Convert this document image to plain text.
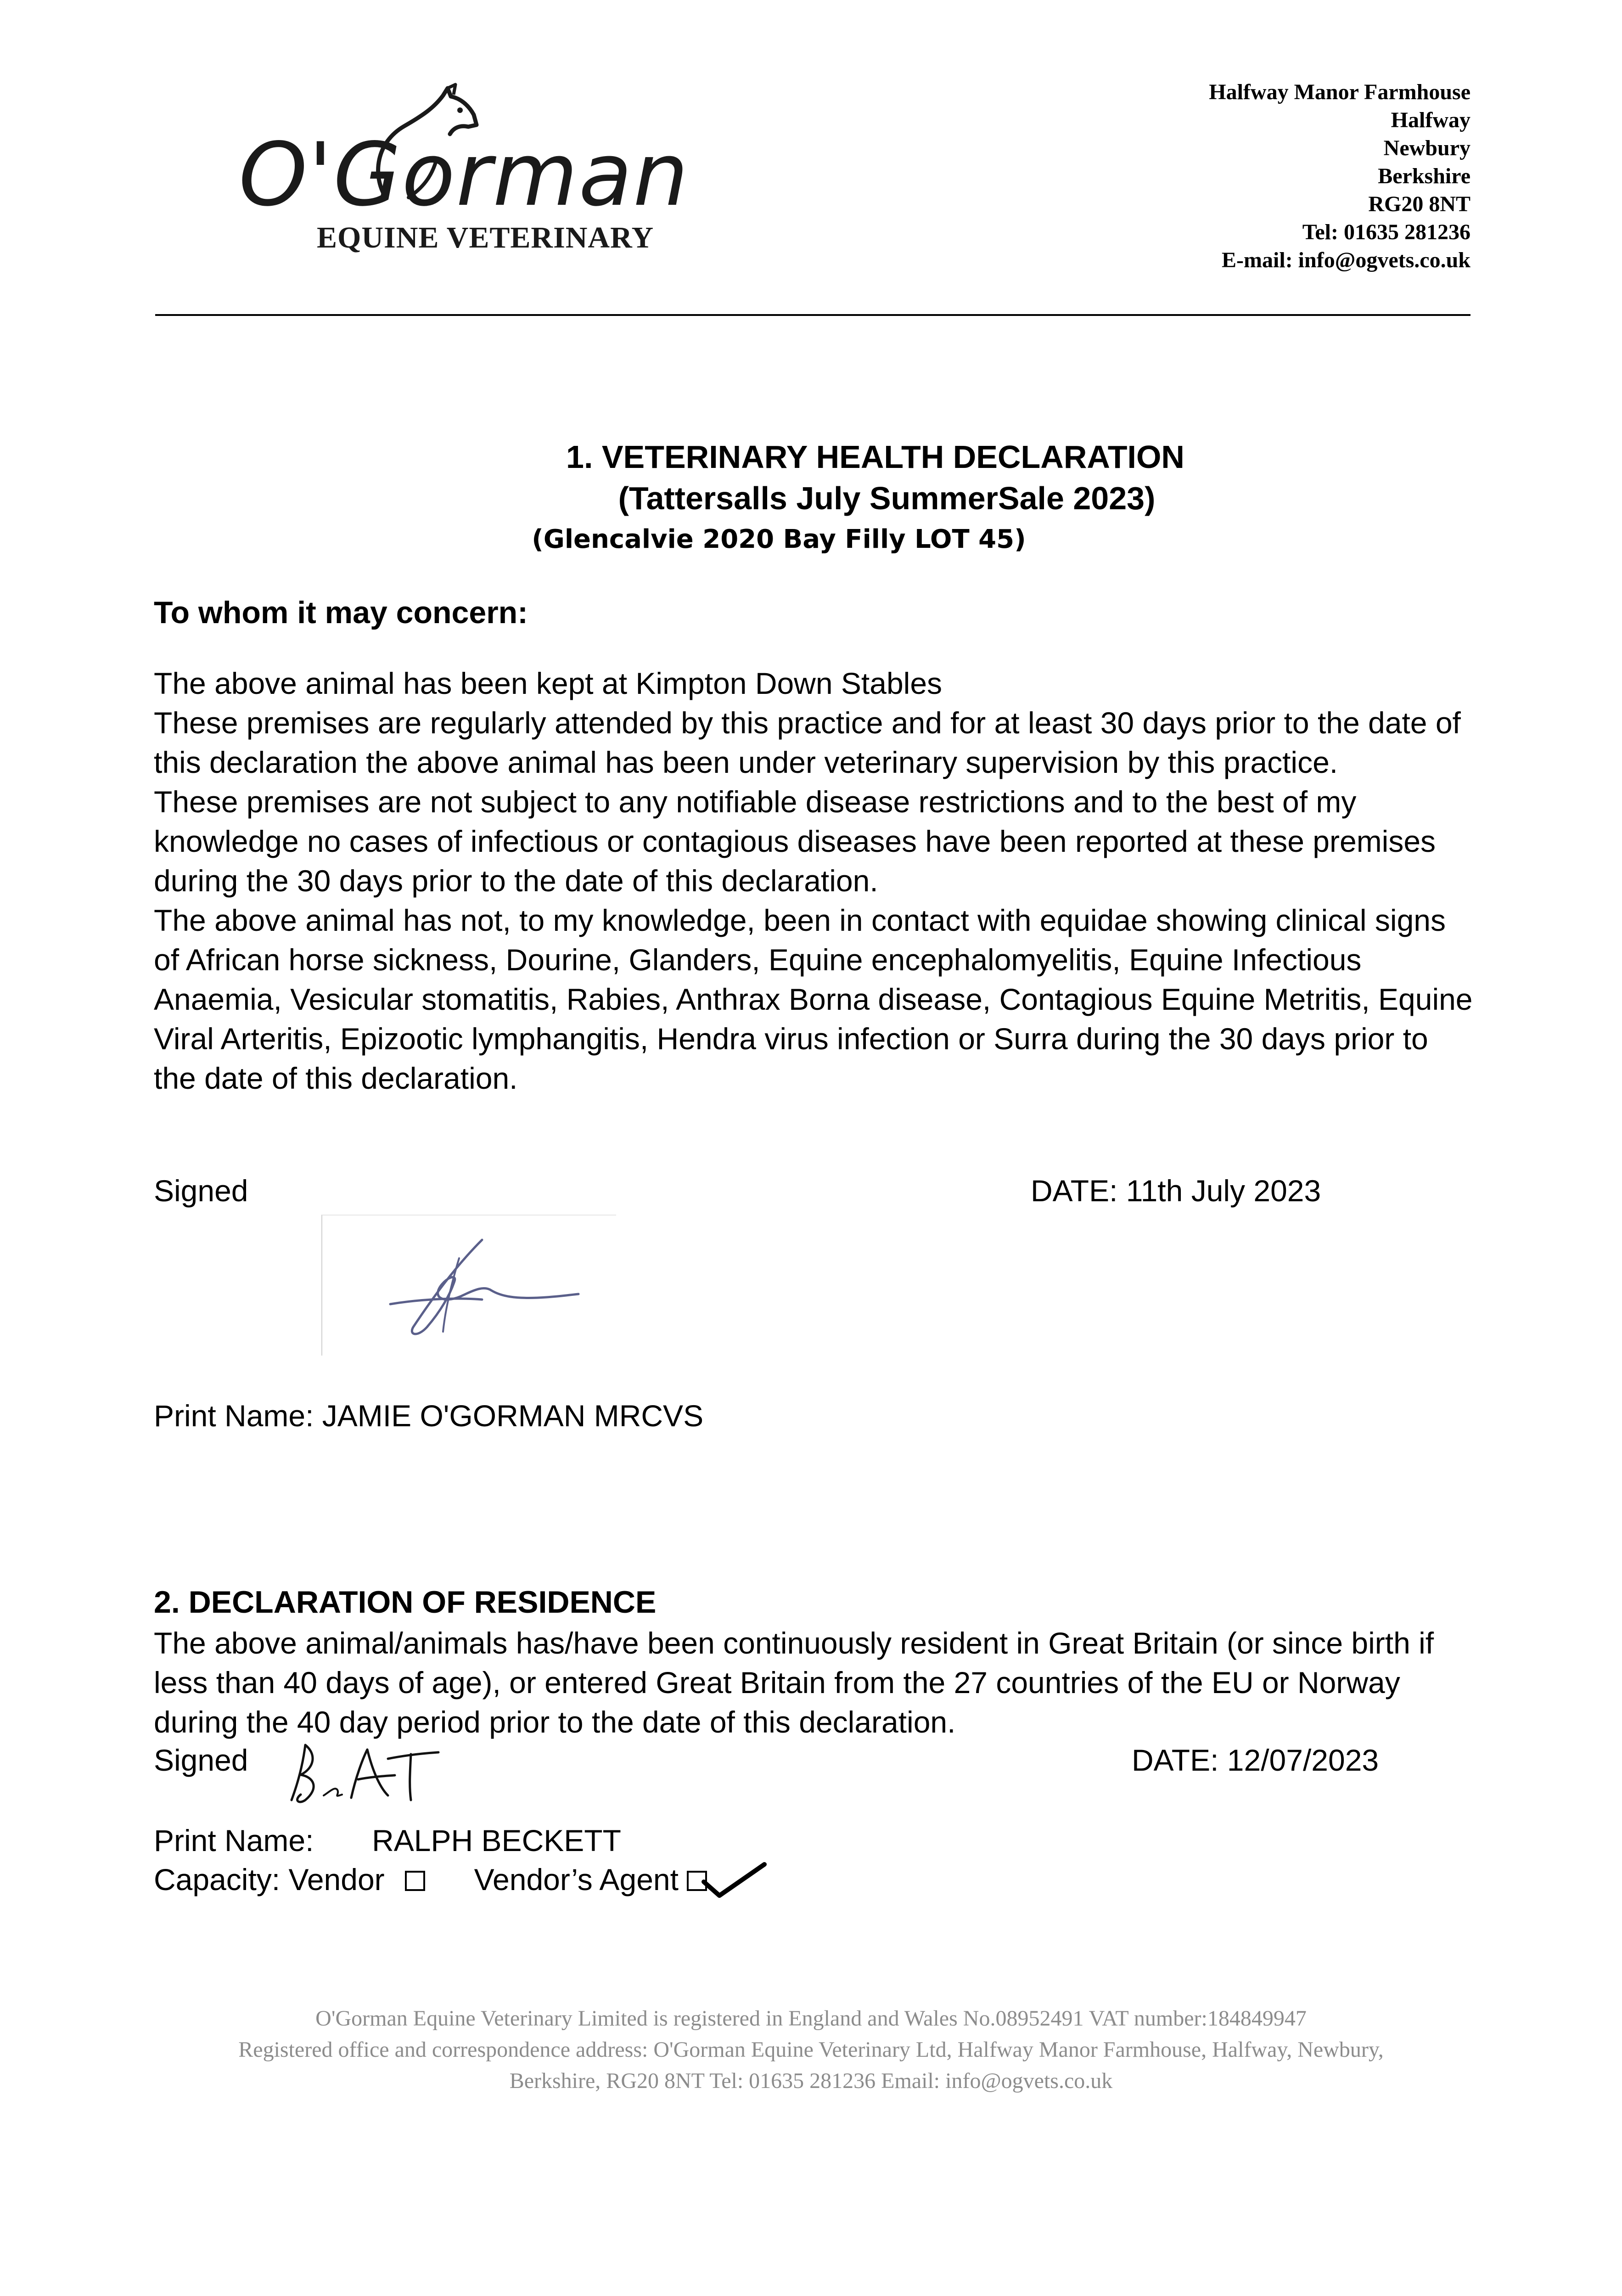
O'Gorman
EQUINE VETERINARY
Halfway Manor Farmhouse
Halfway
Newbury
Berkshire
RG20 8NT
Tel: 01635 281236
E-mail: info@ogvets.co.uk
1. VETERINARY HEALTH DECLARATION
(Tattersalls July SummerSale 2023)
(Glencalvie 2020 Bay Filly LOT 45)
To whom it may concern:

The above animal has been kept at Kimpton Down Stables

These premises are regularly attended by this practice and for at least 30 days prior to the date of this declaration the above animal has been under veterinary supervision by this practice.

These premises are not subject to any notifiable disease restrictions and to the best of my knowledge no cases of infectious or contagious diseases have been reported at these premises during the 30 days prior to the date of this declaration.

The above animal has not, to my knowledge, been in contact with equidae showing clinical signs of African horse sickness, Dourine, Glanders, Equine encephalomyelitis, Equine Infectious Anaemia, Vesicular stomatitis, Rabies, Anthrax Borna disease, Contagious Equine Metritis, Equine Viral Arteritis, Epizootic lymphangitis, Hendra virus infection or Surra during the 30 days prior to the date of this declaration.

Signed	DATE: 11th July 2023
Print Name: JAMIE O'GORMAN MRCVS
2. DECLARATION OF RESIDENCE

The above animal/animals has/have been continuously resident in Great Britain (or since birth if less than 40 days of age), or entered Great Britain from the 27 countries of the EU or Norway during the 40 day period prior to the date of this declaration.

Signed	DATE: 12/07/2023
Print Name: RALPH BECKETT
Capacity: Vendor	Vendor’s Agent
O'Gorman Equine Veterinary Limited is registered in England and Wales No.08952491 VAT number:184849947
Registered office and correspondence address: O'Gorman Equine Veterinary Ltd, Halfway Manor Farmhouse, Halfway, Newbury,
Berkshire, RG20 8NT Tel: 01635 281236 Email: info@ogvets.co.uk
